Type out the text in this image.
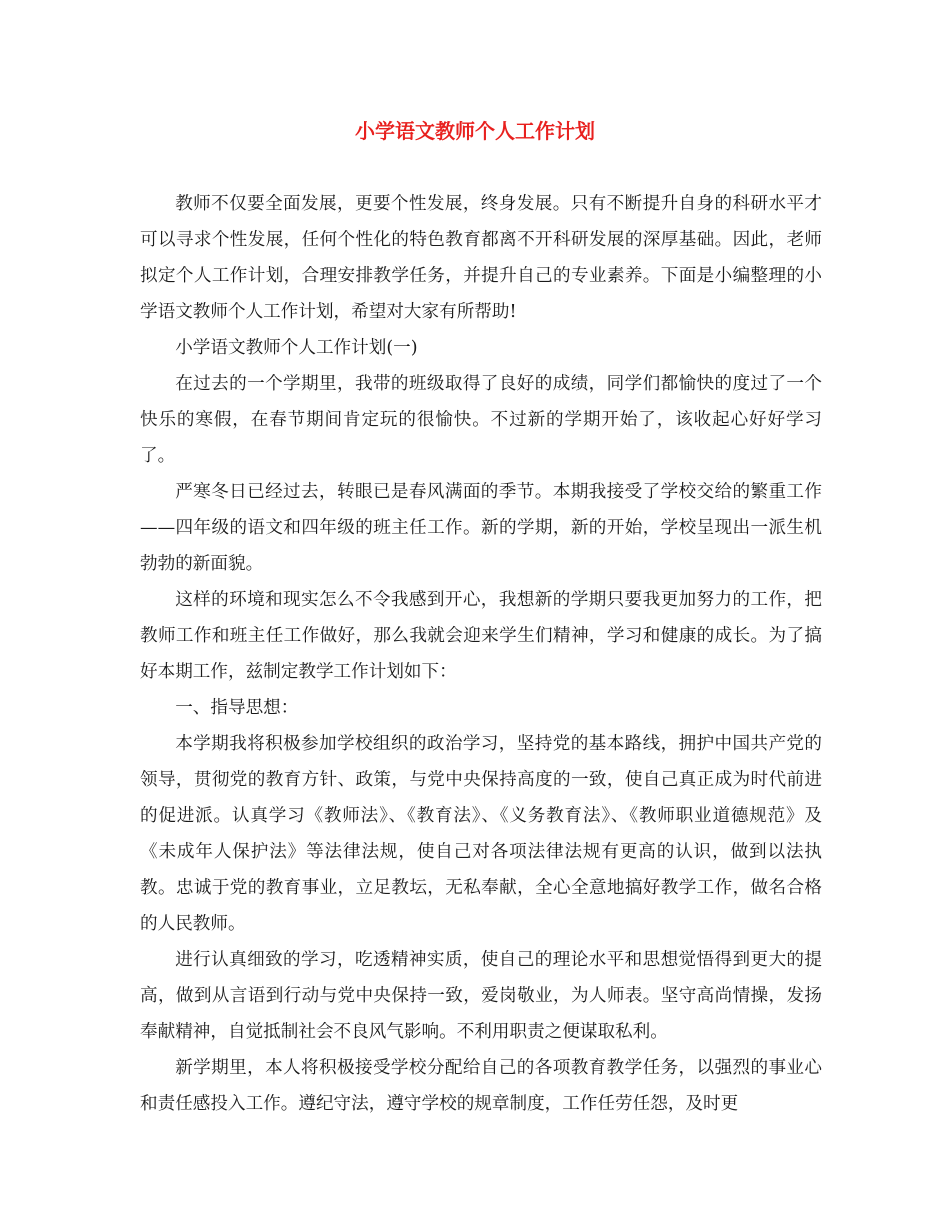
小学语文教师个人工作计划

教师不仅要全面发展，更要个性发展，终身发展。只有不断提升自身的科研水平才可以寻求个性发展，任何个性化的特色教育都离不开科研发展的深厚基础。因此，老师拟定个人工作计划，合理安排教学任务，并提升自己的专业素养。下面是小编整理的小学语文教师个人工作计划，希望对大家有所帮助!

小学语文教师个人工作计划(一)

在过去的一个学期里，我带的班级取得了良好的成绩，同学们都愉快的度过了一个快乐的寒假，在春节期间肯定玩的很愉快。不过新的学期开始了，该收起心好好学习了。

严寒冬日已经过去，转眼已是春风满面的季节。本期我接受了学校交给的繁重工作——四年级的语文和四年级的班主任工作。新的学期，新的开始，学校呈现出一派生机勃勃的新面貌。

这样的环境和现实怎么不令我感到开心，我想新的学期只要我更加努力的工作，把教师工作和班主任工作做好，那么我就会迎来学生们精神，学习和健康的成长。为了搞好本期工作，兹制定教学工作计划如下：

一、指导思想：

本学期我将积极参加学校组织的政治学习，坚持党的基本路线，拥护中国共产党的领导，贯彻党的教育方针、政策，与党中央保持高度的一致，使自己真正成为时代前进的促进派。认真学习《教师法》、《教育法》、《义务教育法》、《教师职业道德规范》及《未成年人保护法》等法律法规，使自己对各项法律法规有更高的认识，做到以法执教。忠诚于党的教育事业，立足教坛，无私奉献，全心全意地搞好教学工作，做名合格的人民教师。

进行认真细致的学习，吃透精神实质，使自己的理论水平和思想觉悟得到更大的提高，做到从言语到行动与党中央保持一致，爱岗敬业，为人师表。坚守高尚情操，发扬奉献精神，自觉抵制社会不良风气影响。不利用职责之便谋取私利。

新学期里，本人将积极接受学校分配给自己的各项教育教学任务，以强烈的事业心和责任感投入工作。遵纪守法，遵守学校的规章制度，工作任劳任怨，及时更
